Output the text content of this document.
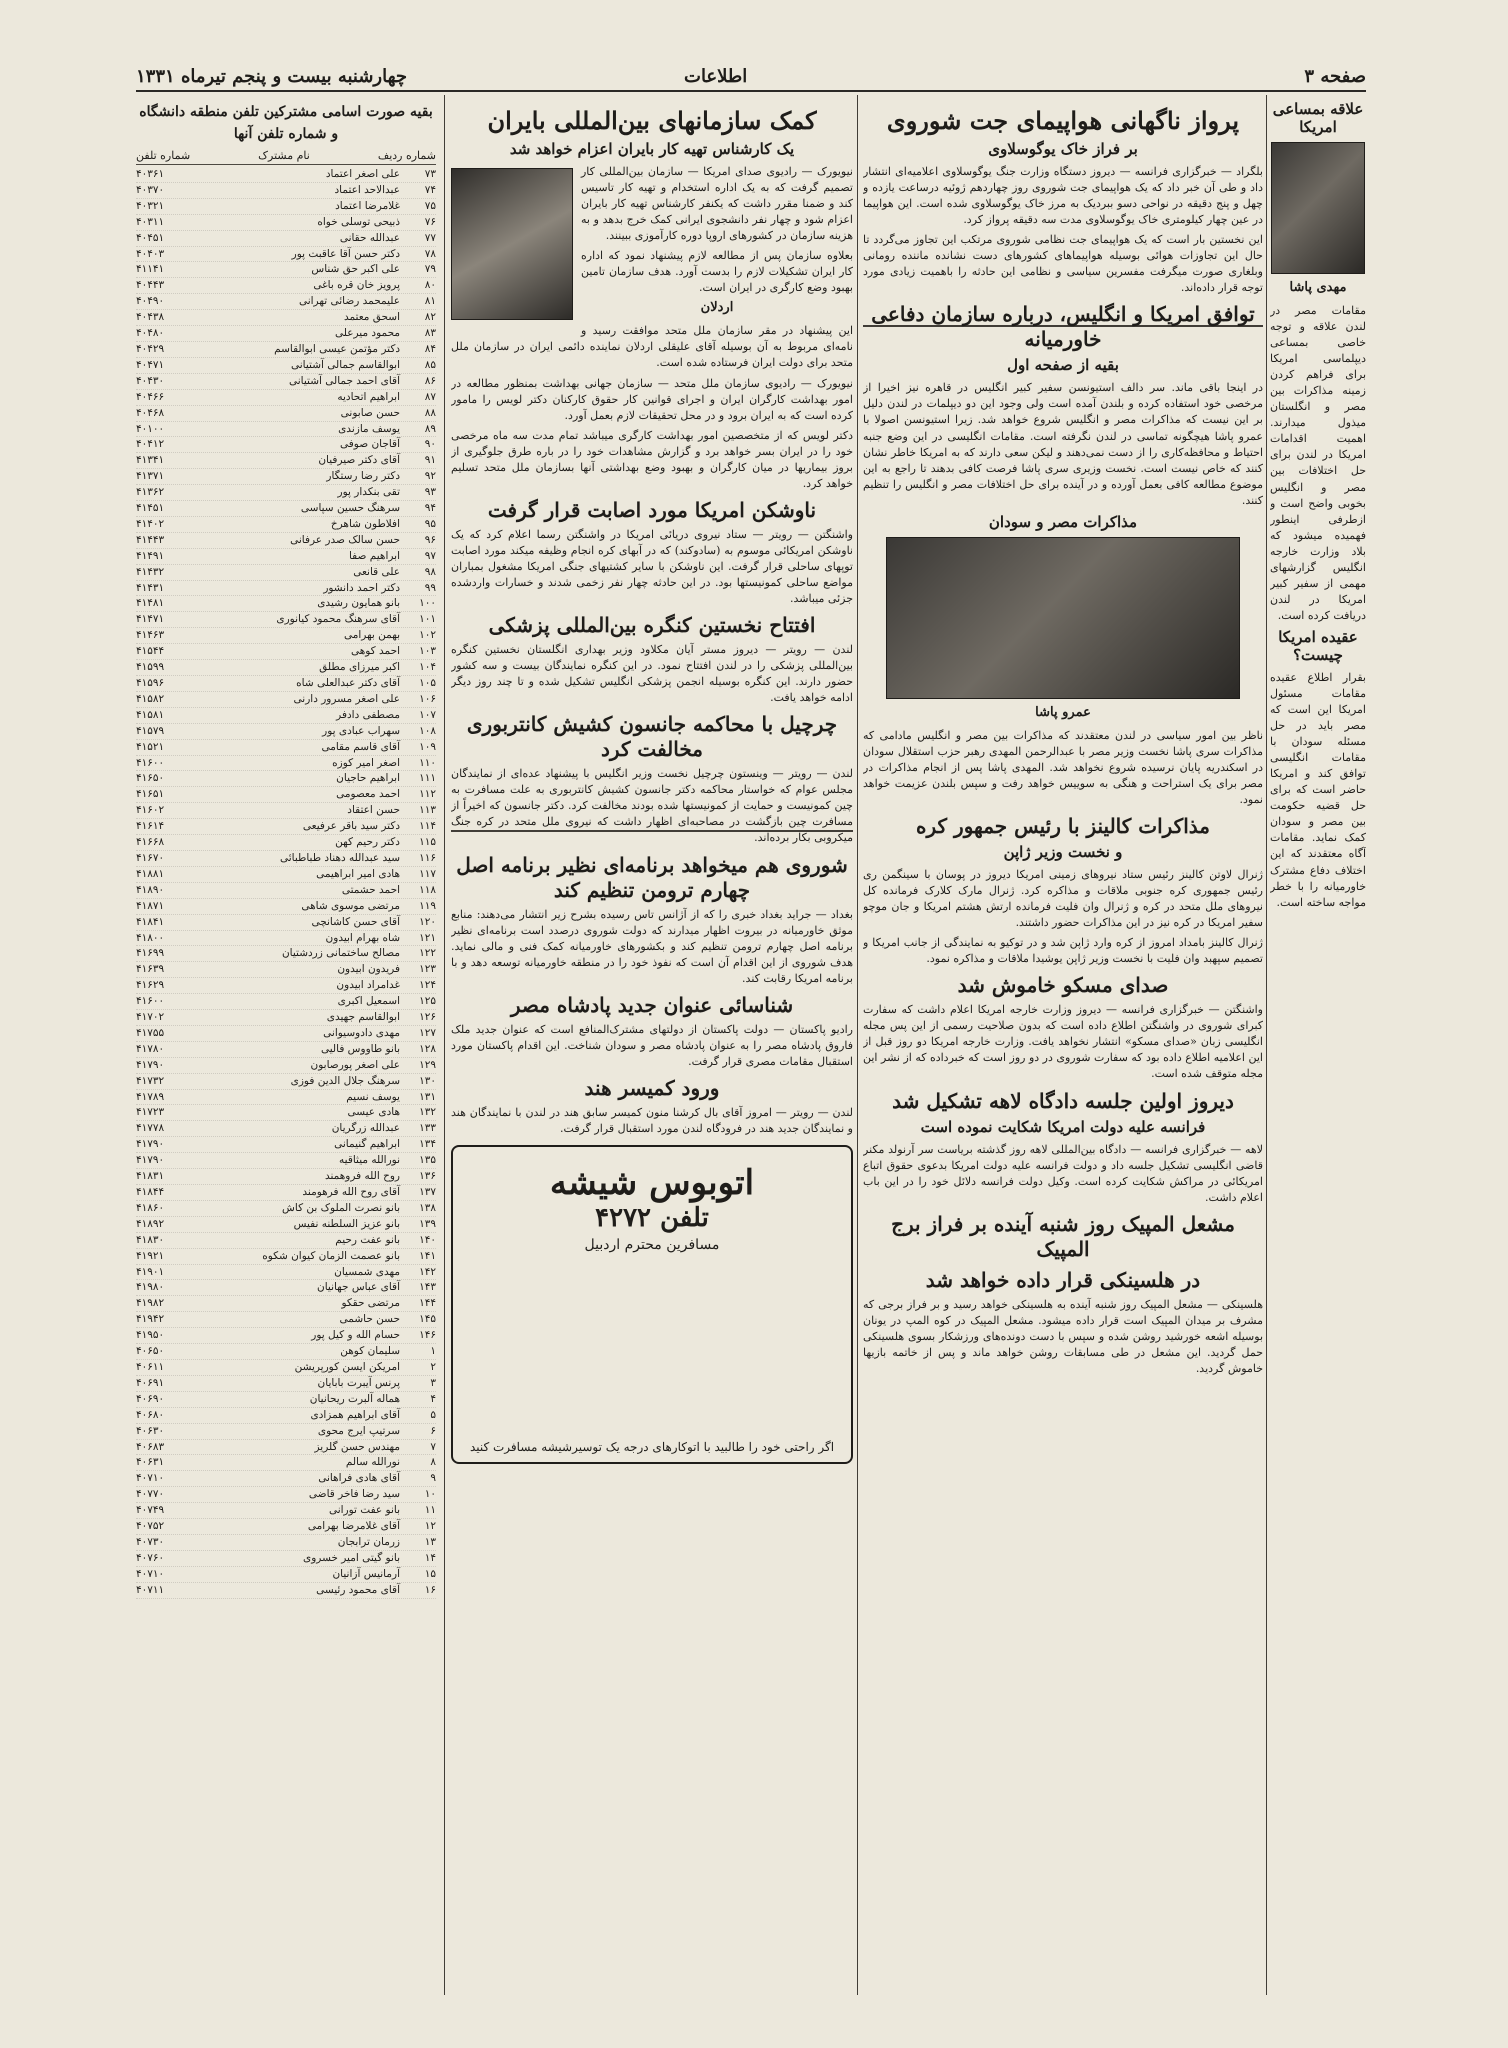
صفحه ۳
اطلاعات
چهارشنبه بیست و پنجم تیرماه ۱۳۳۱
پرواز ناگهانی هواپیمای جت شوروی
بر فراز خاک یوگوسلاوی

بلگراد — خبرگزاری فرانسه — دیروز دستگاه وزارت جنگ یوگوسلاوی اعلامیه‌ای انتشار داد و طی آن خبر داد که یک هواپیمای جت شوروی روز چهاردهم ژوئیه درساعت یازده و چهل و پنج دقیقه در نواحی دسو ببردیک به مرز خاک یوگوسلاوی شده است. این هواپیما در عین چهار کیلومتری خاک یوگوسلاوی مدت سه دقیقه پرواز کرد.

این نخستین بار است که یک هواپیمای جت نظامی شوروی مرتکب این تجاوز می‌گردد تا حال این تجاوزات هوائی بوسیله هواپیماهای کشورهای دست نشانده ماننده رومانی وبلغاری صورت میگرفت مفسرین سیاسی و نظامی این حادثه را باهمیت زیادی مورد توجه قرار داده‌اند.

توافق امریکا و انگلیس، درباره سازمان دفاعی خاورمیانه
بقیه از صفحه اول

در اینجا باقی ماند. سر دالف استیونسن سفیر کبیر انگلیس در قاهره نیز اخیرا از مرخصی خود استفاده کرده و بلندن آمده است ولی وجود این دو دیپلمات در لندن دلیل بر این نیست که مذاکرات مصر و انگلیس شروع خواهد شد. زیرا استیونسن اصولا با عمرو پاشا هیچگونه تماسی در لندن نگرفته است. مقامات انگلیسی در این وضع جنبه احتیاط و محافظه‌کاری را از دست نمی‌دهند و لیکن سعی دارند که به امریکا خاطر نشان کنند که خاص نیست است. نخست وزیری سری پاشا فرصت کافی بدهند تا راجع به این موضوع مطالعه کافی بعمل آورده و در آینده برای حل اختلافات مصر و انگلیس را تنظیم کنند.

مذاکرات مصر و سودان
عمرو پاشا

ناظر بین امور سیاسی در لندن معتقدند که مذاکرات بین مصر و انگلیس مادامی که مذاکرات سری پاشا نخست وزیر مصر با عبدالرحمن المهدی رهبر حزب استقلال سودان در اسکندریه پایان نرسیده شروع نخواهد شد. المهدی پاشا پس از انجام مذاکرات در مصر برای یک استراحت و هنگی به سوییس خواهد رفت و سپس بلندن عزیمت خواهد نمود.

مذاکرات کالینز با رئیس جمهور کره
و نخست وزیر ژاپن

ژنرال لاوتن کالینز رئیس ستاد نیروهای زمینی امریکا دیروز در پوسان با سینگمن ری رئیس جمهوری کره جنوبی ملاقات و مذاکره کرد. ژنرال مارک کلارک فرمانده کل نیروهای ملل متحد در کره و ژنرال وان فلیت فرمانده ارتش هشتم امریکا و جان موچو سفیر امریکا در کره نیز در این مذاکرات حضور داشتند.

ژنرال کالینز بامداد امروز از کره وارد ژاپن شد و در توکیو به نمایندگی از جانب امریکا و تصمیم سپهبد وان فلیت با نخست وزیر ژاپن یوشیدا ملاقات و مذاکره نمود.

صدای مسکو خاموش شد

واشنگتن — خبرگزاری فرانسه — دیروز وزارت خارجه امریکا اعلام داشت که سفارت کبرای شوروی در واشنگتن اطلاع داده است که بدون صلاحیت رسمی از این پس مجله انگلیسی زبان «صدای مسکو» انتشار نخواهد یافت. وزارت خارجه امریکا دو روز قبل از این اعلامیه اطلاع داده بود که سفارت شوروی در دو روز است که خبرداده که از نشر این مجله متوقف شده است.

دیروز اولین جلسه دادگاه لاهه تشکیل شد
فرانسه علیه دولت امریکا شکایت نموده است

لاهه — خبرگزاری فرانسه — دادگاه بین‌المللی لاهه روز گذشته بریاست سر آرنولد مکنر قاضی انگلیسی تشکیل جلسه داد و دولت فرانسه علیه دولت امریکا بدعوی حقوق اتباع امریکائی در مراکش شکایت کرده است. وکیل دولت فرانسه دلائل خود را در این باب اعلام داشت.

مشعل المپیک روز شنبه آینده بر فراز برج المپیک
در هلسینکی قرار داده خواهد شد

هلسینکی — مشعل المپیک روز شنبه آینده به هلسینکی خواهد رسید و بر فراز برجی که مشرف بر میدان المپیک است قرار داده میشود. مشعل المپیک در کوه المپ در یونان بوسیله اشعه خورشید روشن شده و سپس با دست دونده‌های ورزشکار بسوی هلسینکی حمل گردید. این مشعل در طی مسابقات روشن خواهد ماند و پس از خاتمه بازیها خاموش گردید.

علاقه بمساعی امریکا
مهدی پاشا

مقامات مصر در لندن علاقه و توجه خاصی بمساعی دیپلماسی امریکا برای فراهم کردن زمینه مذاکرات بین مصر و انگلستان میذول میدارند. اهمیت اقدامات امریکا در لندن برای حل اختلافات بین مصر و انگلیس بخوبی واضح است و ازطرفی اینطور فهمیده میشود که بلاد وزارت خارجه انگلیس گزارشهای مهمی از سفیر کبیر امریکا در لندن دریافت کرده است.

عقیده امریکا چیست؟

بقرار اطلاع عقیده مقامات مسئول امریکا این است که مصر باید در حل مسئله سودان با مقامات انگلیسی توافق کند و امریکا حاضر است که برای حل قضیه حکومت بین مصر و سودان کمک نماید. مقامات آگاه معتقدند که این اختلاف دفاع مشترک خاورمیانه را با خطر مواجه ساخته است.

کمک سازمانهای بین‌المللی بایران
یک کارشناس تهیه کار بایران اعزام خواهد شد

نیویورک — رادیوی صدای امریکا — سازمان بین‌المللی کار تصمیم گرفت که به یک اداره استخدام و تهیه کار تاسیس کند و ضمنا مقرر داشت که یکنفر کارشناس تهیه کار بایران اعزام شود و چهار نفر دانشجوی ایرانی کمک خرج بدهد و به هزینه سازمان در کشورهای اروپا دوره کارآموزی ببینند.

بعلاوه سازمان پس از مطالعه لازم پیشنهاد نمود که اداره کار ایران تشکیلات لازم را بدست آورد. هدف سازمان تامین بهبود وضع کارگری در ایران است.

اردلان

این پیشنهاد در مقر سازمان ملل متحد موافقت رسید و نامه‌ای مربوط به آن بوسیله آقای علیقلی اردلان نماینده دائمی ایران در سازمان ملل متحد برای دولت ایران فرستاده شده است.

نیویورک — رادیوی سازمان ملل متحد — سازمان جهانی بهداشت بمنظور مطالعه در امور بهداشت کارگران ایران و اجرای قوانین کار حقوق کارکنان دکتر لویس را مامور کرده است که به ایران برود و در محل تحقیقات لازم بعمل آورد.

دکتر لویس که از متخصصین امور بهداشت کارگری میباشد تمام مدت سه ماه مرخصی خود را در ایران بسر خواهد برد و گزارش مشاهدات خود را در باره طرق جلوگیری از بروز بیماریها در میان کارگران و بهبود وضع بهداشتی آنها بسازمان ملل متحد تسلیم خواهد کرد.

ناوشکن امریکا مورد اصابت قرار گرفت

واشنگتن — رویتر — ستاد نیروی دریائی امریکا در واشنگتن رسما اعلام کرد که یک ناوشکن امریکائی موسوم به (سادوکند) که در آبهای کره انجام وظیفه میکند مورد اصابت توپهای ساحلی قرار گرفت. این ناوشکن با سایر کشتیهای جنگی امریکا مشغول بمباران مواضع ساحلی کمونیستها بود. در این حادثه چهار نفر زخمی شدند و خسارات واردشده جزئی میباشد.

افتتاح نخستین کنگره بین‌المللی پزشکی

لندن — رویتر — دیروز مستر آیان مکلاود وزیر بهداری انگلستان نخستین کنگره بین‌المللی پزشکی را در لندن افتتاح نمود. در این کنگره نمایندگان بیست و سه کشور حضور دارند. این کنگره بوسیله انجمن پزشکی انگلیس تشکیل شده و تا چند روز دیگر ادامه خواهد یافت.

چرچیل با محاکمه جانسون کشیش کانتربوری مخالفت کرد

لندن — رویتر — وینستون چرچیل نخست وزیر انگلیس با پیشنهاد عده‌ای از نمایندگان مجلس عوام که خواستار محاکمه دکتر جانسون کشیش کانتربوری به علت مسافرت به چین کمونیست و حمایت از کمونیستها شده بودند مخالفت کرد. دکتر جانسون که اخیراً از مسافرت چین بازگشت در مصاحبه‌ای اظهار داشت که نیروی ملل متحد در کره جنگ میکروبی بکار برده‌اند.

شوروی هم میخواهد برنامه‌ای نظیر برنامه اصل چهارم ترومن تنظیم کند

بغداد — جراید بغداد خبری را که از آژانس تاس رسیده بشرح زیر انتشار می‌دهند: منابع موثق خاورمیانه در بیروت اظهار میدارند که دولت شوروی درصدد است برنامه‌ای نظیر برنامه اصل چهارم ترومن تنظیم کند و بکشورهای خاورمیانه کمک فنی و مالی نماید. هدف شوروی از این اقدام آن است که نفوذ خود را در منطقه خاورمیانه توسعه دهد و با برنامه امریکا رقابت کند.

شناسائی عنوان جدید پادشاه مصر

رادیو پاکستان — دولت پاکستان از دولتهای مشترک‌المنافع است که عنوان جدید ملک فاروق پادشاه مصر را به عنوان پادشاه مصر و سودان شناخت. این اقدام پاکستان مورد استقبال مقامات مصری قرار گرفت.

ورود کمیسر هند

لندن — رویتر — امروز آقای بال کرشنا منون کمیسر سابق هند در لندن با نمایندگان هند و نمایندگان جدید هند در فرودگاه لندن مورد استقبال قرار گرفت.

اتوبوس شیشه
تلفن ۴۲۷۲
مسافرین محترم اردبیل
اگر راحتی خود را طالبید با اتوکارهای درجه یک توسیرشیشه مسافرت کنید
بقیه صورت اسامی مشترکین تلفن منطقه دانشگاه
و شماره تلفن آنها
شماره ردیف
نام مشترک
شماره تلفن
۷۳
علی اصغر اعتماد
۴۰۳۶۱
۷۴
عبدالاحد اعتماد
۴۰۳۷۰
۷۵
غلامرضا اعتماد
۴۰۳۲۱
۷۶
ذبیحی توسلی خواه
۴۰۳۱۱
۷۷
عبدالله حقانی
۴۰۴۵۱
۷۸
دکتر حسن آقا عاقبت پور
۴۰۴۰۳
۷۹
علی اکبر حق شناس
۴۱۱۴۱
۸۰
پرویز خان قره باغی
۴۰۴۴۳
۸۱
علیمحمد رضائی تهرانی
۴۰۴۹۰
۸۲
اسحق معتمد
۴۰۴۳۸
۸۳
محمود میرعلی
۴۰۴۸۰
۸۴
دکتر مؤتمن عیسی ابوالقاسم
۴۰۴۲۹
۸۵
ابوالقاسم جمالی آشتیانی
۴۰۴۷۱
۸۶
آقای احمد جمالی آشتیانی
۴۰۴۳۰
۸۷
ابراهیم اتحادیه
۴۰۴۶۶
۸۸
حسن صابونی
۴۰۴۶۸
۸۹
یوسف مازندی
۴۰۱۰۰
۹۰
آقاجان صوفی
۴۰۴۱۲
۹۱
آقای دکتر صیرفیان
۴۱۳۴۱
۹۲
دکتر رضا رستگار
۴۱۳۷۱
۹۳
تقی بنکدار پور
۴۱۳۶۲
۹۴
سرهنگ حسین سپاسی
۴۱۴۵۱
۹۵
افلاطون شاهرخ
۴۱۴۰۲
۹۶
حسن سالک صدر عرفانی
۴۱۴۴۳
۹۷
ابراهیم صفا
۴۱۴۹۱
۹۸
علی قانعی
۴۱۴۳۲
۹۹
دکتر احمد دانشور
۴۱۴۳۱
۱۰۰
بانو همایون رشیدی
۴۱۴۸۱
۱۰۱
آقای سرهنگ محمود کیانوری
۴۱۴۷۱
۱۰۲
بهمن بهرامی
۴۱۴۶۳
۱۰۳
احمد کوهی
۴۱۵۴۴
۱۰۴
اکبر میرزای مطلق
۴۱۵۹۹
۱۰۵
آقای دکتر عبدالعلی شاه
۴۱۵۹۶
۱۰۶
علی اصغر مسرور دارنی
۴۱۵۸۲
۱۰۷
مصطفی دادفر
۴۱۵۸۱
۱۰۸
سهراب عبادی پور
۴۱۵۷۹
۱۰۹
آقای قاسم مقامی
۴۱۵۲۱
۱۱۰
اصغر امیر کوزه
۴۱۶۰۰
۱۱۱
ابراهیم حاجیان
۴۱۶۵۰
۱۱۲
احمد معصومی
۴۱۶۵۱
۱۱۳
حسن اعتقاد
۴۱۶۰۲
۱۱۴
دکتر سید باقر عرفیعی
۴۱۶۱۴
۱۱۵
دکتر رحیم کهن
۴۱۶۶۸
۱۱۶
سید عبدالله دهناد طباطبائی
۴۱۶۷۰
۱۱۷
هادی امیر ابراهیمی
۴۱۸۸۱
۱۱۸
احمد حشمتی
۴۱۸۹۰
۱۱۹
مرتضی موسوی شاهی
۴۱۸۷۱
۱۲۰
آقای حسن کاشانچی
۴۱۸۴۱
۱۲۱
شاه بهرام ابیدون
۴۱۸۰۰
۱۲۲
مصالح ساختمانی زردشتیان
۴۱۶۹۹
۱۲۳
فریدون ابیدون
۴۱۶۳۹
۱۲۴
غدامراد ابیدون
۴۱۶۲۹
۱۲۵
اسمعیل اکبری
۴۱۶۰۰
۱۲۶
ابوالقاسم جهیدی
۴۱۷۰۲
۱۲۷
مهدی دادوسیوانی
۴۱۷۵۵
۱۲۸
بانو طاووس فالیی
۴۱۷۸۰
۱۲۹
علی اصغر پورصابون
۴۱۷۹۰
۱۳۰
سرهنگ جلال الدین فوزی
۴۱۷۳۲
۱۳۱
یوسف نسیم
۴۱۷۸۹
۱۳۲
هادی عیسی
۴۱۷۲۳
۱۳۳
عبدالله زرگریان
۴۱۷۷۸
۱۳۴
ابراهیم گنیمانی
۴۱۷۹۰
۱۳۵
نورالله میثاقیه
۴۱۷۹۰
۱۳۶
روح الله فروهمند
۴۱۸۳۱
۱۳۷
آقای روح الله فرهومند
۴۱۸۴۴
۱۳۸
بانو نصرت الملوک بن کاش
۴۱۸۶۰
۱۳۹
بانو عزیز السلطنه نفیس
۴۱۸۹۲
۱۴۰
بانو عفت رحیم
۴۱۸۳۰
۱۴۱
بانو عصمت الزمان کیوان شکوه
۴۱۹۲۱
۱۴۲
مهدی شمسیان
۴۱۹۰۱
۱۴۳
آقای عباس جهانیان
۴۱۹۸۰
۱۴۴
مرتضی حقکو
۴۱۹۸۲
۱۴۵
حسن حاشمی
۴۱۹۴۲
۱۴۶
حسام الله و کیل پور
۴۱۹۵۰
۱
سلیمان کوهن
۴۰۶۵۰
۲
امریکن ایسن کورپریشن
۴۰۶۱۱
۳
پرنس آیبرت بابایان
۴۰۶۹۱
۴
هماله آلبرت ریحانیان
۴۰۶۹۰
۵
آقای ابراهیم همزادی
۴۰۶۸۰
۶
سرتیپ ایرج محوی
۴۰۶۳۰
۷
مهندس حسن گلریز
۴۰۶۸۳
۸
نورالله سالم
۴۰۶۳۱
۹
آقای هادی فراهانی
۴۰۷۱۰
۱۰
سید رضا فاخر قاضی
۴۰۷۷۰
۱۱
بانو عفت تورانی
۴۰۷۴۹
۱۲
آقای غلامرضا بهرامی
۴۰۷۵۲
۱۳
زرمان ترابجان
۴۰۷۳۰
۱۴
بانو گیتی امیر خسروی
۴۰۷۶۰
۱۵
آرمانیس آزانیان
۴۰۷۱۰
۱۶
آقای محمود رئیسی
۴۰۷۱۱
